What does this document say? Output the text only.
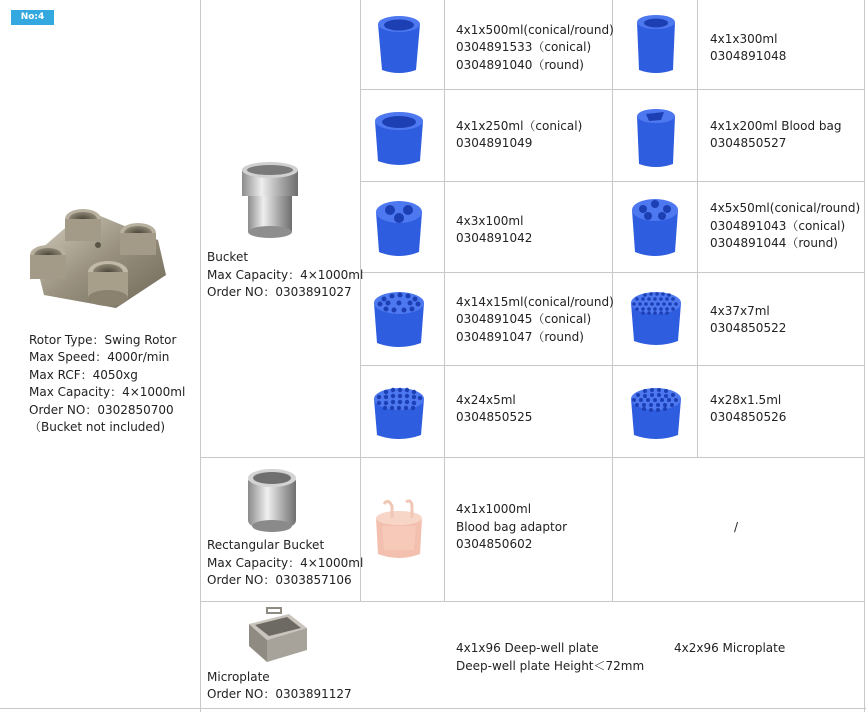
No:4
Rotor Type：Swing Rotor
Max Speed：4000r/min
Max RCF：4050xg
Max Capacity：4×1000ml
Order NO：0302850700
（Bucket not included)
Bucket
Max Capacity：4×1000ml
Order NO：0303891027
Rectangular Bucket
Max Capacity：4×1000ml
Order NO：0303857106
Microplate
Order NO：0303891127
4x1x500ml(conical/round)
0304891533（conical)
0304891040（round)
4x1x300ml
0304891048
4x1x250ml（conical)
0304891049
4x1x200ml Blood bag
0304850527
4x3x100ml
0304891042
4x5x50ml(conical/round)
0304891043（conical)
0304891044（round)
4x14x15ml(conical/round)
0304891045（conical)
0304891047（round)
4x37x7ml
0304850522
4x24x5ml
0304850525
4x28x1.5ml
0304850526
4x1x1000ml
Blood bag adaptor
0304850602
/
4x1x96 Deep-well plate	4x2x96 Microplate
Deep-well plate Height＜72mm
